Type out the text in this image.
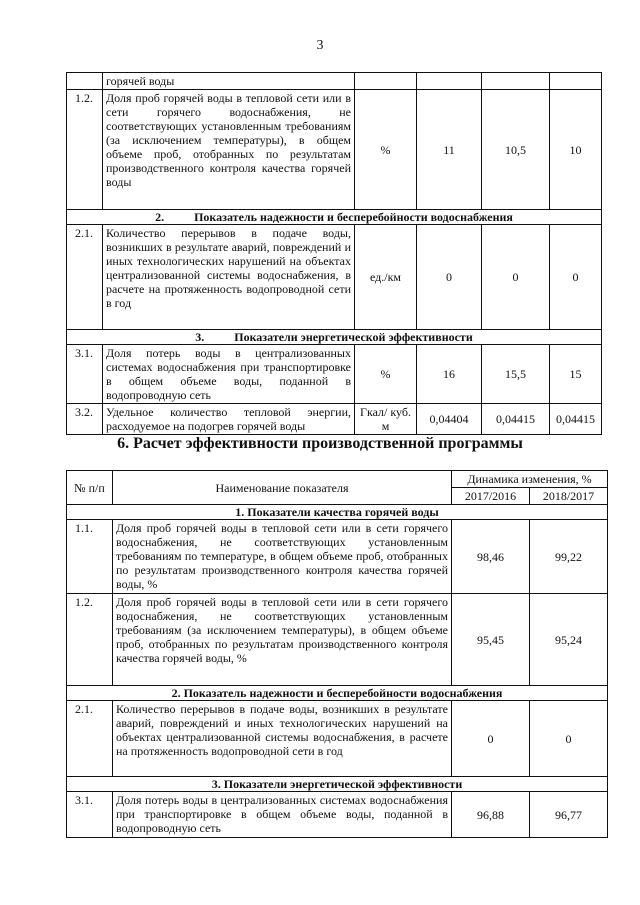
3
	горячей воды				
1.2.	Доля проб горячей воды в тепловой сети или в сети горячего водоснабжения, не соответствующих установленным требованиям (за исключением температуры), в общем объеме проб, отобранных по результатам производственного контроля качества горячей воды	%	11	10,5	10
2. Показатель надежности и бесперебойности водоснабжения					
2.1.	Количество перерывов в подаче воды, возникших в результате аварий, повреждений и иных технологических нарушений на объектах централизованной системы водоснабжения, в расчете на протяженность водопроводной сети в год	ед./км	0	0	0
3. Показатели энергетической эффективности					
3.1.	Доля потерь воды в централизованных системах водоснабжения при транспортировке в общем объеме воды, поданной в водопроводную сеть	%	16	15,5	15
3.2.	Удельное количество тепловой энергии, расходуемое на подогрев горячей воды	Гкал/ куб. м	0,04404	0,04415	0,04415
6. Расчет эффективности производственной программы
№ п/п	Наименование показателя	Динамика изменения, %	
		2017/2016	2018/2017
1. Показатели качества горячей воды			
1.1.	Доля проб горячей воды в тепловой сети или в сети горячего водоснабжения, не соответствующих установленным требованиям по температуре, в общем объеме проб, отобранных по результатам производственного контроля качества горячей воды, %	98,46	99,22
1.2.	Доля проб горячей воды в тепловой сети или в сети горячего водоснабжения, не соответствующих установленным требованиям (за исключением температуры), в общем объеме проб, отобранных по результатам производственного контроля качества горячей воды, %	95,45	95,24
2. Показатель надежности и бесперебойности водоснабжения			
2.1.	Количество перерывов в подаче воды, возникших в результате аварий, повреждений и иных технологических нарушений на объектах централизованной системы водоснабжения, в расчете на протяженность водопроводной сети в год	0	0
3. Показатели энергетической эффективности			
3.1.	Доля потерь воды в централизованных системах водоснабжения при транспортировке в общем объеме воды, поданной в водопроводную сеть	96,88	96,77
